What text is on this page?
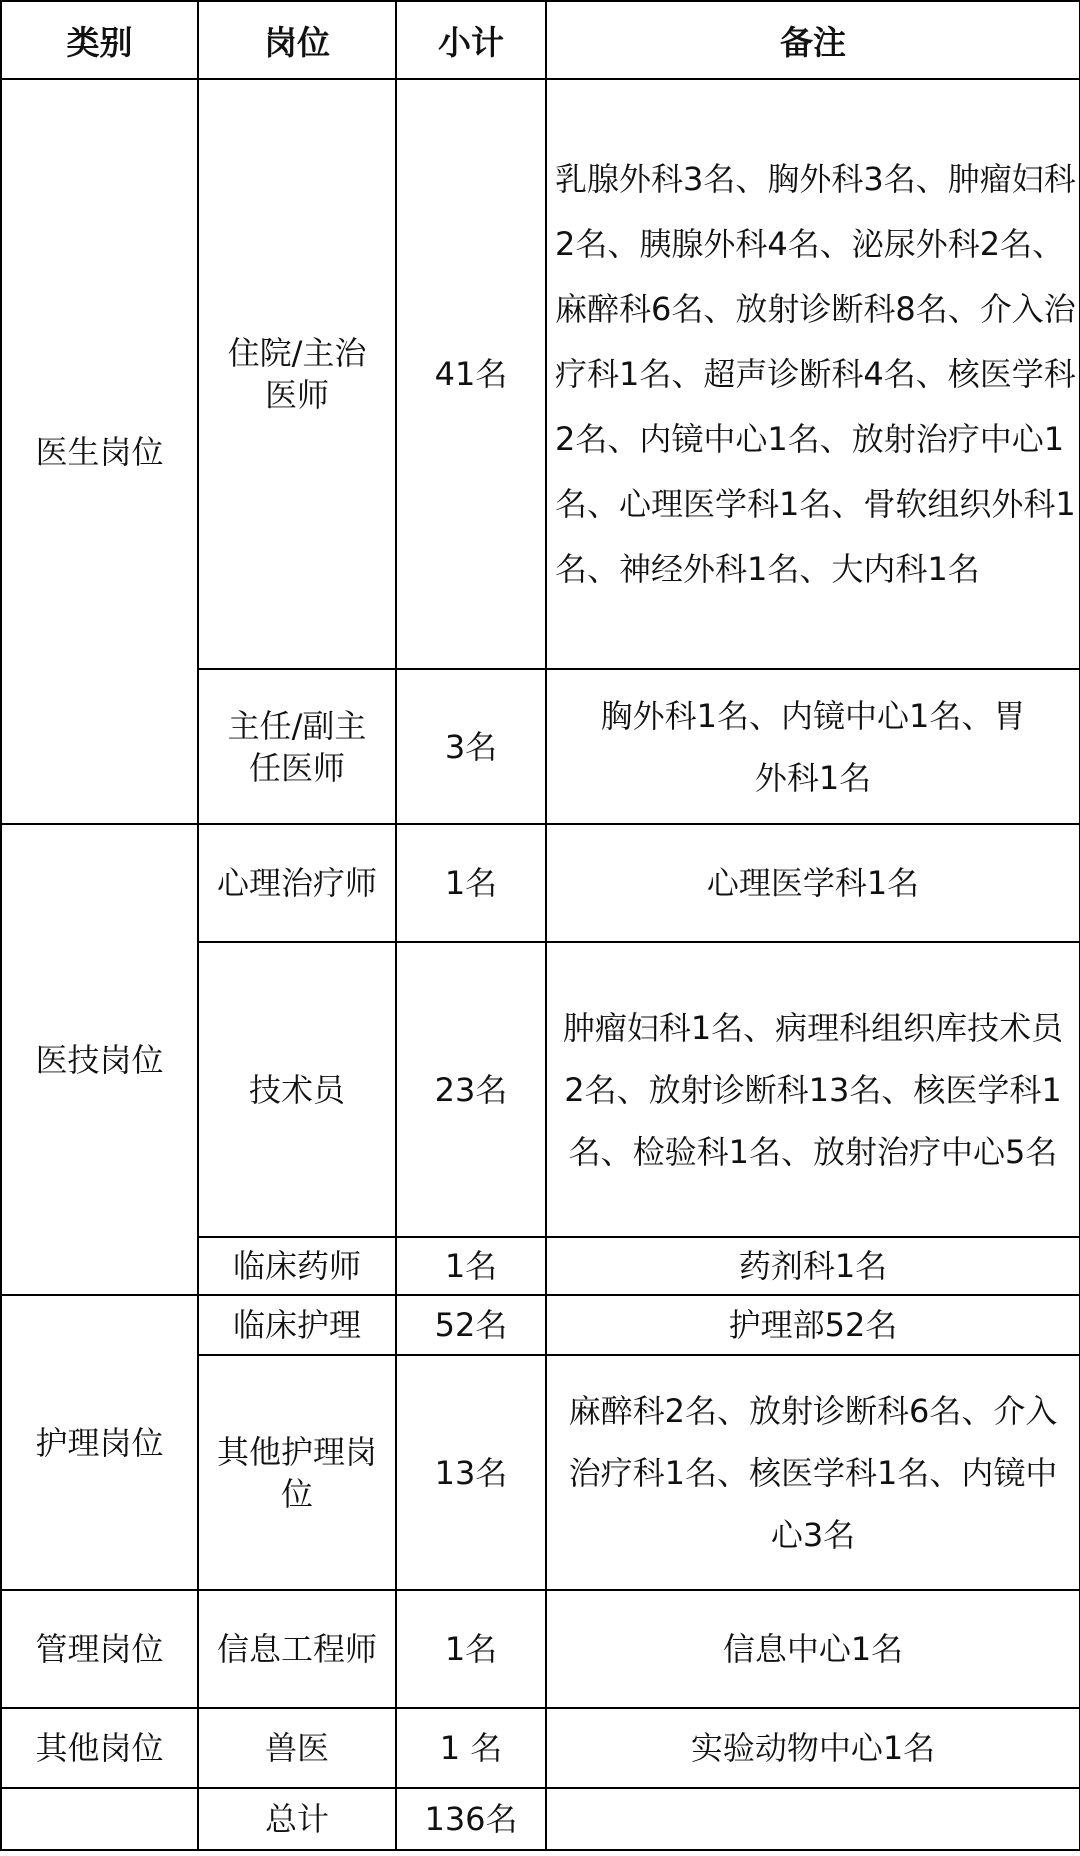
类别	岗位	小计	备注
医生岗位	住院/主治医师	41名	乳腺外科3名、胸外科3名、肿瘤妇科2名、胰腺外科4名、泌尿外科2名、麻醉科6名、放射诊断科8名、介入治疗科1名、超声诊断科4名、核医学科2名、内镜中心1名、放射治疗中心1名、心理医学科1名、骨软组织外科1名、神经外科1名、大内科1名
	主任/副主任医师	3名	胸外科1名、内镜中心1名、胃外科1名
医技岗位	心理治疗师	1名	心理医学科1名
	技术员	23名	肿瘤妇科1名、病理科组织库技术员2名、放射诊断科13名、核医学科1名、检验科1名、放射治疗中心5名
	临床药师	1名	药剂科1名
护理岗位	临床护理	52名	护理部52名
	其他护理岗位	13名	麻醉科2名、放射诊断科6名、介入治疗科1名、核医学科1名、内镜中心3名
管理岗位	信息工程师	1名	信息中心1名
其他岗位	兽医	1 名	实验动物中心1名
	总计	136名	
